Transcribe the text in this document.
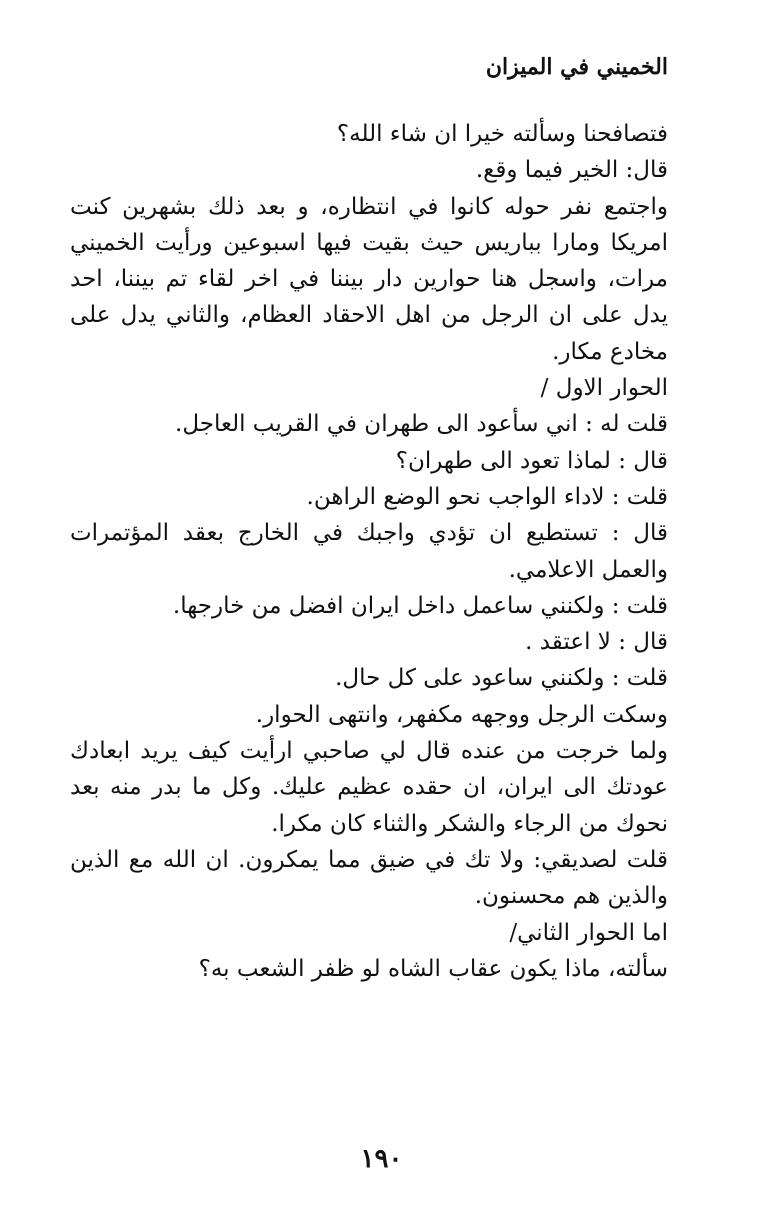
الخميني في الميزان
فتصافحنا وسألته خيرا ان شاء الله؟
قال: الخير فيما وقع.
واجتمع نفر حوله كانوا في انتظاره، و بعد ذلك بشهرين كنت
امريكا ومارا بباريس حيث بقيت فيها اسبوعين ورأيت الخميني
مرات، واسجل هنا حوارين دار بيننا في اخر لقاء تم بيننا، احد
يدل على ان الرجل من اهل الاحقاد العظام، والثاني يدل على
مخادع مكار.
الحوار الاول /
قلت له : اني سأعود الى طهران في القريب العاجل.
قال : لماذا تعود الى طهران؟
قلت : لاداء الواجب نحو الوضع الراهن.
قال : تستطيع ان تؤدي واجبك في الخارج بعقد المؤتمرات
والعمل الاعلامي.
قلت : ولكنني ساعمل داخل ايران افضل من خارجها.
قال : لا اعتقد .
قلت : ولكنني ساعود على كل حال.
وسكت الرجل ووجهه مكفهر، وانتهى الحوار.
ولما خرجت من عنده قال لي صاحبي ارأيت كيف يريد ابعادك
عودتك الى ايران، ان حقده عظيم عليك. وكل ما بدر منه بعد
نحوك من الرجاء والشكر والثناء كان مكرا.
قلت لصديقي: ولا تك في ضيق مما يمكرون. ان الله مع الذين
والذين هم محسنون.
اما الحوار الثاني/
سألته، ماذا يكون عقاب الشاه لو ظفر الشعب به؟
١٩٠
